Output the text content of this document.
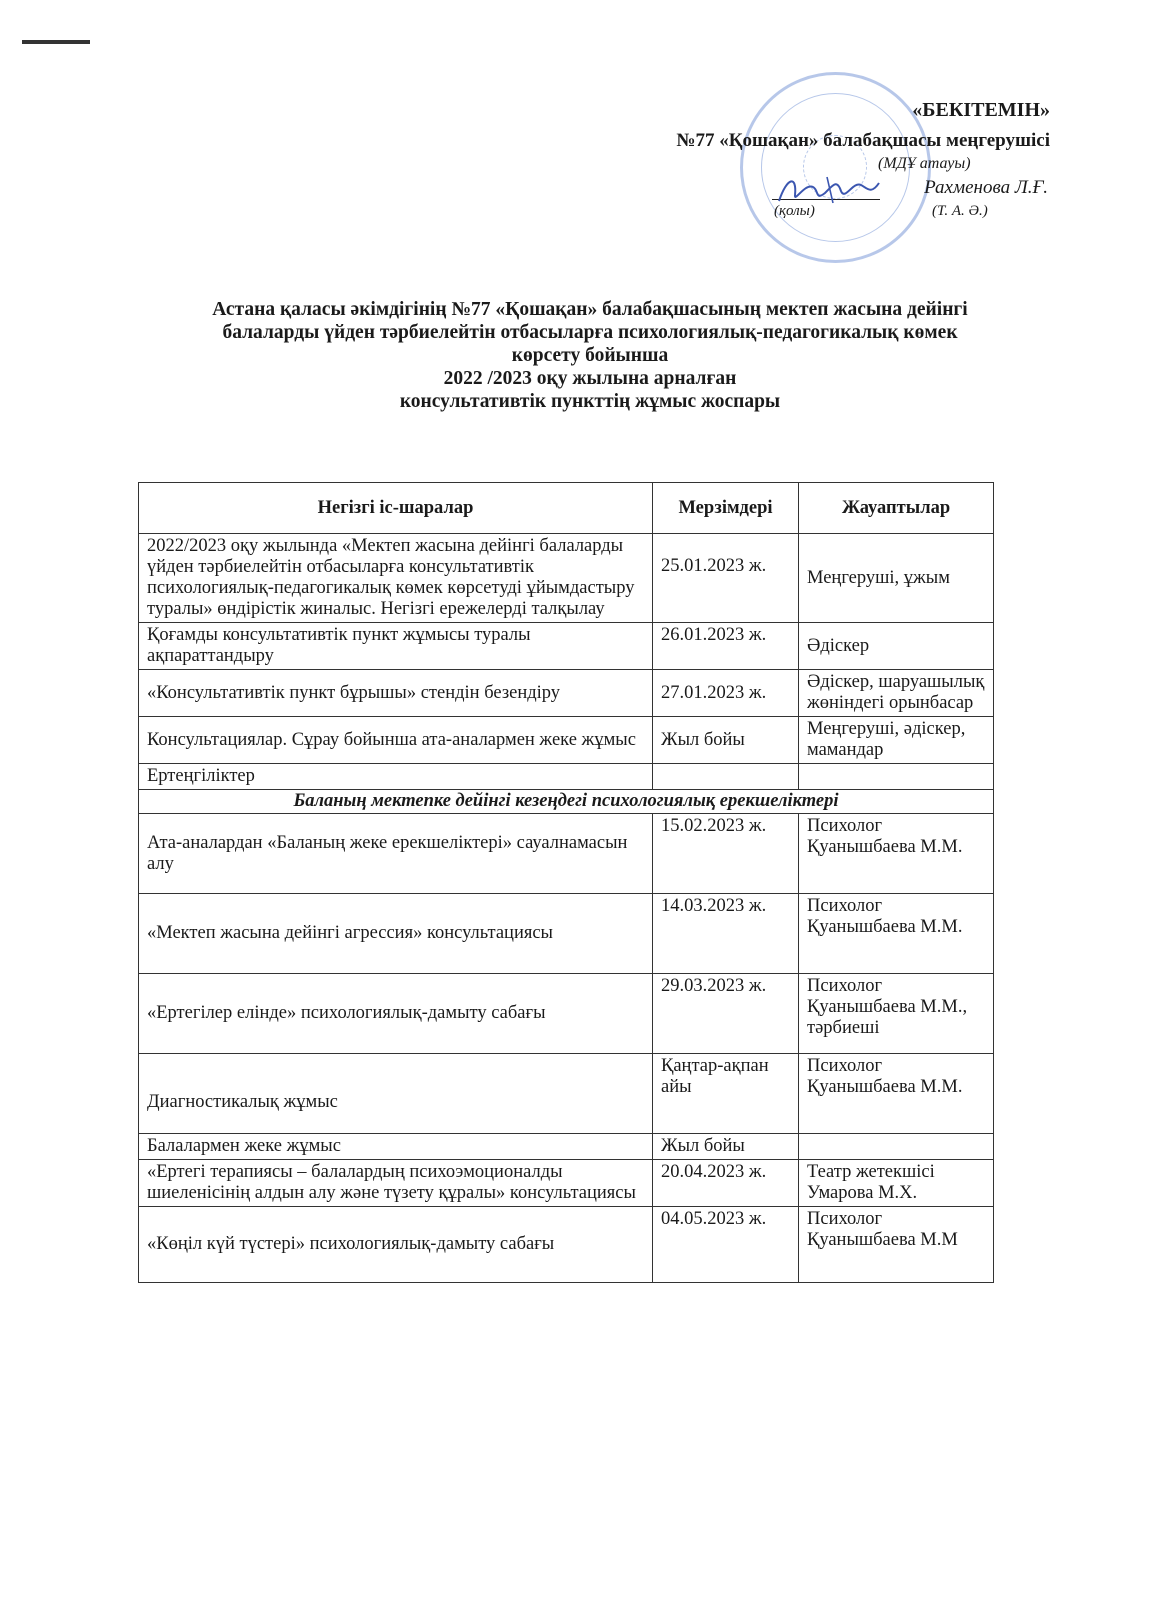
«БЕКІТЕМІН»
№77 «Қошақан» балабақшасы меңгерушісі
(МДҰ атауы)
Рахменова Л.Ғ.
(қолы)	(Т. А. Ә.)
Астана қаласы әкімдігінің №77 «Қошақан» балабақшасының мектеп жасына дейінгі
балаларды үйден тәрбиелейтін отбасыларға психологиялық-педагогикалық көмек
көрсету бойынша
2022 /2023 оқу жылына арналған
консультативтік пункттің жұмыс жоспары
Негізгі іс-шаралар	Мерзімдері	Жауаптылар
2022/2023 оқу жылында «Мектеп жасына дейінгі балаларды үйден тәрбиелейтін отбасыларға консультативтік психологиялық-педагогикалық көмек көрсетуді ұйымдастыру туралы» өндірістік жиналыс. Негізгі ережелерді талқылау	25.01.2023 ж.	Меңгеруші, ұжым
Қоғамды консультативтік пункт жұмысы туралы ақпараттандыру	26.01.2023 ж.	Әдіскер
«Консультативтік пункт бұрышы» стендін безендіру	27.01.2023 ж.	Әдіскер, шаруашылық жөніндегі орынбасар
Консультациялар. Сұрау бойынша ата-аналармен жеке жұмыс	Жыл бойы	Меңгеруші, әдіскер, мамандар
Ертеңгіліктер		
Баланың мектепке дейінгі кезеңдегі психологиялық ерекшеліктері		
Ата-аналардан «Баланың жеке ерекшеліктері» сауалнамасын алу	15.02.2023 ж.	Психолог Қуанышбаева М.М.
«Мектеп жасына дейінгі агрессия» консультациясы	14.03.2023 ж.	Психолог Қуанышбаева М.М.
«Ертегілер елінде» психологиялық-дамыту сабағы	29.03.2023 ж.	Психолог Қуанышбаева М.М., тәрбиеші
Диагностикалық жұмыс	Қаңтар-ақпан айы	Психолог Қуанышбаева М.М.
Балалармен жеке жұмыс	Жыл бойы	
«Ертегі терапиясы – балалардың психоэмоционалды шиеленісінің алдын алу және түзету құралы» консультациясы	20.04.2023 ж.	Театр жетекшісі Умарова М.Х.
«Көңіл күй түстері» психологиялық-дамыту сабағы	04.05.2023 ж.	Психолог Қуанышбаева М.М
